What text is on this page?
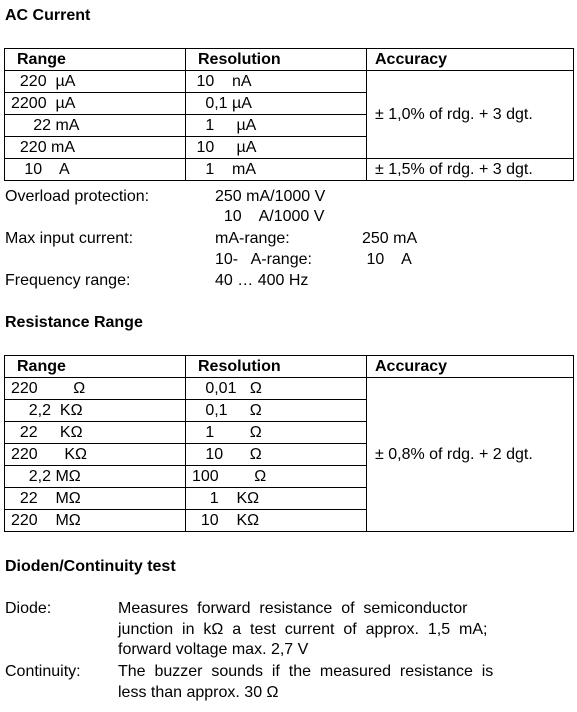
AC Current
Range	Resolution	Accuracy
220  µA	10    nA	± 1,0% of rdg. + 3 dgt.
2200  µA	0,1 µA	
22 mA	1     µA	
220 mA	10     µA	
10    A	1    mA	± 1,5% of rdg. + 3 dgt.
Overload protection:	250 mA/1000 V
10    A/1000 V
Max input current:	mA-range:	250 mA
10-   A-range:	10    A
Frequency range:	40 … 400 Hz
Resistance Range
Range	Resolution	Accuracy
220        Ω	0,01   Ω	± 0,8% of rdg. + 2 dgt.
2,2  KΩ	0,1     Ω	
22     KΩ	1        Ω	
220      KΩ	10      Ω	
2,2 MΩ	100        Ω	
22    MΩ	1    KΩ	
220    MΩ	10    KΩ	
Dioden/Continuity test
Diode:	Measures  forward  resistance  of  semiconductor
junction  in  kΩ  a  test  current  of  approx.  1,5  mA;
forward voltage max. 2,7 V
Continuity: The  buzzer  sounds  if  the  measured  resistance  is
less than approx. 30 Ω
